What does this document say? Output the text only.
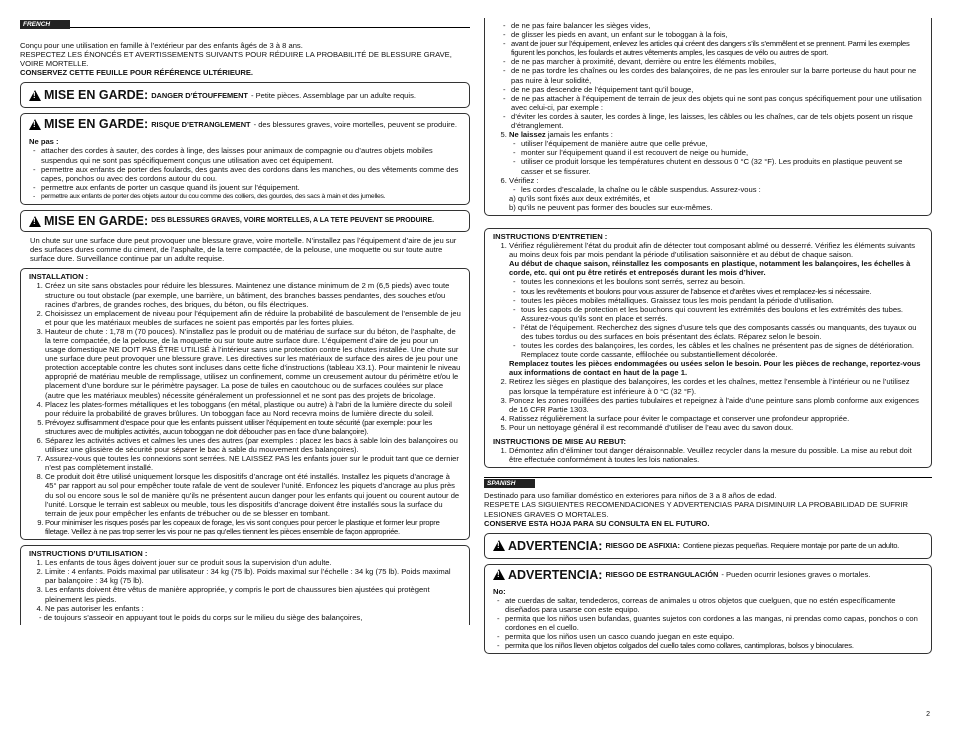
FRENCH

Conçu pour une utilisation en famille à l’extérieur par des enfants âgés de 3 à 8 ans.

RESPECTEZ LES ÉNONCÉS ET AVERTISSEMENTS SUIVANTS POUR RÉDUIRE LA PROBABILITÉ DE BLESSURE GRAVE, VOIRE MORTELLE.

CONSERVEZ CETTE FEUILLE POUR RÉFÉRENCE ULTÉRIEURE.

!
MISE EN GARDE: DANGER D’ÉTOUFFEMENT - Petite pièces. Assemblage par un adulte requis.
!
MISE EN GARDE: RISQUE D’ETRANGLEMENT - des blessures graves, voire mortelles, peuvent se produire.

Ne pas :

- attacher des cordes à sauter, des cordes à linge, des laisses pour animaux de compagnie ou d’autres objets mobiles suspendus qui ne sont pas spécifiquement conçus une utilisation avec cet équipement.
- permettre aux enfants de porter des foulards, des gants avec des cordons dans les manches, ou des vêtements comme des capes, ponchos ou avec des cordons autour du cou.
- permettre aux enfants de porter un casque quand ils jouent sur l’équipement.
- permettre aux enfants de porter des objets autour du cou comme des colliers, des gourdes, des sacs à main et des jumelles.
!
MISE EN GARDE: DES BLESSURES GRAVES, VOIRE MORTELLES, A LA TETE PEUVENT SE PRODUIRE.

Un chute sur une surface dure peut provoquer une blessure grave, voire mortelle. N’installez pas l’équipement d’aire de jeu sur des surfaces dures comme du ciment, de l’asphalte, de la terre compactée, de la pelouse, une moquette ou sur toute autre surface dure. Surveillance continue par un adulte requise.

INSTALLATION :

1. Créez un site sans obstacles pour réduire les blessures. Maintenez une distance minimum de 2 m (6,5 pieds) avec toute structure ou tout obstacle (par exemple, une barrière, un bâtiment, des branches basses pendantes, des souches et/ou racines d’arbres, de grandes roches, des briques, du béton, ou fils électriques.
2. Choisissez un emplacement de niveau pour l’équipement afin de réduire la probabilité de basculement de l’ensemble de jeu et pour que les matériaux meubles de surfaces ne soient pas emportés par les fortes pluies.
3. Hauteur de chute : 1,78 m (70 pouces). N’installez pas le produit ou de matériau de surface sur du béton, de l’asphalte, de la terre compactée, de la pelouse, de la moquette ou sur toute autre surface dure. L’équipement d’aire de jeu pour un usage domestique NE DOIT PAS ÊTRE UTILISÉ à l’intérieur sans une protection contre les chutes installée. Une chute sur une surface dure peut provoquer une blessure grave. Les directives sur les matériaux de surface des aires de jeu pour une protection acceptable contre les chutes sont incluses dans cette fiche d’instructions (tableau X3.1). Pour maintenir le niveau approprié de matériau meuble de remplissage, utilisez un confinement, comme un creusement autour du périmètre et/ou le placement d’une bordure sur le périmètre paysager. La pose de tuiles en caoutchouc ou de surfaces coulées sur place (autre que les matériaux meubles) nécessite généralement un professionnel et ne sont pas des projets de bricolage.
4. Placez les plates-formes métalliques et les toboggans (en métal, plastique ou autre) à l’abri de la lumière directe du soleil pour réduire la probabilité de graves brûlures. Un toboggan face au Nord recevra moins de lumière directe du soleil.
5. Prévoyez suffisamment d’espace pour que les enfants puissent utiliser l’équipement en toute sécurité (par exemple: pour les structures avec de multiples activités, aucun toboggan ne doit déboucher pas en face d’une balançoire).
6. Séparez les activités actives et calmes les unes des autres (par exemples : placez les bacs à sable loin des balançoires ou utilisez une glissière de sécurité pour séparer le bac à sable du mouvement des balançoires).
7. Assurez-vous que toutes les connexions sont serrées. NE LAISSEZ PAS les enfants jouer sur le produit tant que ce dernier n’est pas complètement installé.
8. Ce produit doit être utilisé uniquement lorsque les dispositifs d’ancrage ont été installés. Installez les piquets d’ancrage à 45° par rapport au sol pour empêcher toute rafale de vent de soulever l’unité. Enfoncez les piquets d’ancrage au plus près du sol ou encore sous le sol de manière qu’ils ne présentent aucun danger pour les enfants qui jouent ou courent autour de l’unité. Lorsque le terrain est sableux ou meuble, tous les dispositifs d’ancrage doivent être installés sous la surface du terrain de jeux pour empêcher les enfants de trébucher ou de se blesser en tombant.
9. Pour minimiser les risques posés par les copeaux de forage, les vis sont conçues pour percer le plastique et former leur propre filetage. Veillez à ne pas trop serrer les vis pour ne pas qu’elles tiennent les pièces ensemble de façon appropriée.

INSTRUCTIONS D’UTILISATION :

1. Les enfants de tous âges doivent jouer sur ce produit sous la supervision d’un adulte.
2. Limite : 4 enfants. Poids maximal par utilisateur : 34 kg (75 lb). Poids maximal sur l’échelle : 34 kg (75 lb). Poids maximal par balançoire : 34 kg (75 lb).
3. Les enfants doivent être vêtus de manière appropriée, y compris le port de chaussures bien ajustées qui protègent pleinement les pieds.
4. Ne pas autoriser les enfants :

- de toujours s’asseoir en appuyant tout le poids du corps sur le milieu du siège des balançoires,

- de ne pas faire balancer les sièges vides,
- de glisser les pieds en avant, un enfant sur le toboggan à la fois,
- avant de jouer sur l’équipement, enlevez les articles qui créent des dangers s’ils s’emmêlent et se prennent. Parmi les exemples figurent les ponchos, les foulards et autres vêtements amples, les casques de vélo ou autres de sport.
- de ne pas marcher à proximité, devant, derrière ou entre les éléments mobiles,
- de ne pas tordre les chaînes ou les cordes des balançoires, de ne pas les enrouler sur la barre porteuse du haut pour ne pas nuire à leur solidité,
- de ne pas descendre de l’équipement tant qu’il bouge,
- de ne pas attacher à l’équipement de terrain de jeux des objets qui ne sont pas conçus spécifiquement pour une utilisation avec celui-ci, par exemple :
- d’éviter les cordes à sauter, les cordes à linge, les laisses, les câbles ou les chaînes, car de tels objets posent un risque d’étranglement.
5. Ne laissez jamais les enfants :
- utiliser l’équipement de manière autre que celle prévue,
- monter sur l’équipement quand il est recouvert de neige ou humide,
- utiliser ce produit lorsque les températures chutent en dessous 0 °C (32 °F). Les produits en plastique peuvent se casser et se fissurer.
6. Vérifiez :
- les cordes d’escalade, la chaîne ou le câble suspendus. Assurez-vous :

a) qu’ils sont fixés aux deux extrémités, et

b) qu’ils ne peuvent pas former des boucles sur eux-mêmes.

INSTRUCTIONS D’ENTRETIEN :

1. Vérifiez régulièrement l’état du produit afin de détecter tout composant abîmé ou desserré. Vérifiez les éléments suivants au moins deux fois par mois pendant la période d’utilisation saisonnière et au début de chaque saison.

Au début de chaque saison, réinstallez les composants en plastique, notamment les balançoires, les échelles à corde, etc. qui ont pu être retirés et entreposés durant les mois d’hiver.

- toutes les connexions et les boulons sont serrés, serrez au besoin.
- tous les revêtements et boulons pour vous assurer de l’absence et d’arêtes vives et remplacez-les si nécessaire.
- toutes les pièces mobiles métalliques. Graissez tous les mois pendant la période d’utilisation.
- tous les capots de protection et les bouchons qui couvrent les extrémités des boulons et les extrémités des tubes. Assurez-vous qu’ils sont en place et serrés.
- l’état de l’équipement. Recherchez des signes d’usure tels que des composants cassés ou manquants, des tuyaux ou des tubes tordus ou des surfaces en bois présentant des éclats. Réparez selon le besoin.
- toutes les cordes des balançoires, les cordes, les câbles et les chaînes ne présentent pas de signes de détérioration. Remplacez toute corde cassante, effilochée ou substantiellement décolorée.

Remplacez toutes les pièces endommagées ou usées selon le besoin. Pour les pièces de rechange, reportez-vous aux informations de contact en haut de la page 1.

2. Retirez les sièges en plastique des balançoires, les cordes et les chaînes, mettez l’ensemble à l’intérieur ou ne l’utilisez pas lorsque la température est inférieure à 0 °C (32 °F).
3. Poncez les zones rouillées des parties tubulaires et repeignez à l’aide d’une peinture sans plomb conforme aux exigences de 16 CFR Partie 1303.
4. Ratissez régulièrement la surface pour éviter le compactage et conserver une profondeur appropriée.
5. Pour un nettoyage général il est recommandé d’utiliser de l’eau avec du savon doux.

INSTRUCTIONS DE MISE AU REBUT:

1. Démontez afin d’éliminer tout danger déraisonnable. Veuillez recycler dans la mesure du possible. La mise au rebut doit être effectuée conformément à toutes les lois nationales.
SPANISH

Destinado para uso familiar doméstico en exteriores para niños de 3 a 8 años de edad.

RESPETE LAS SIGUIENTES RECOMENDACIONES Y ADVERTENCIAS PARA DISMINUIR LA PROBABILIDAD DE SUFRIR LESIONES GRAVES O MORTALES.

CONSERVE ESTA HOJA PARA SU CONSULTA EN EL FUTURO.

!
ADVERTENCIA: RIESGO DE ASFIXIA: Contiene piezas pequeñas. Requiere montaje por parte de un adulto.
!
ADVERTENCIA: RIESGO DE ESTRANGULACIÓN - Pueden ocurrir lesiones graves o mortales.

No:

- ate cuerdas de saltar, tendederos, correas de animales u otros objetos que cuelguen, que no estén específicamente diseñados para usarse con este equipo.
- permita que los niños usen bufandas, guantes sujetos con cordones a las mangas, ni prendas como capas, ponchos o con cordones en el cuello.
- permita que los niños usen un casco cuando juegan en este equipo.
- permita que los niños lleven objetos colgados del cuello tales como collares, cantimploras, bolsos y binoculares.
2
